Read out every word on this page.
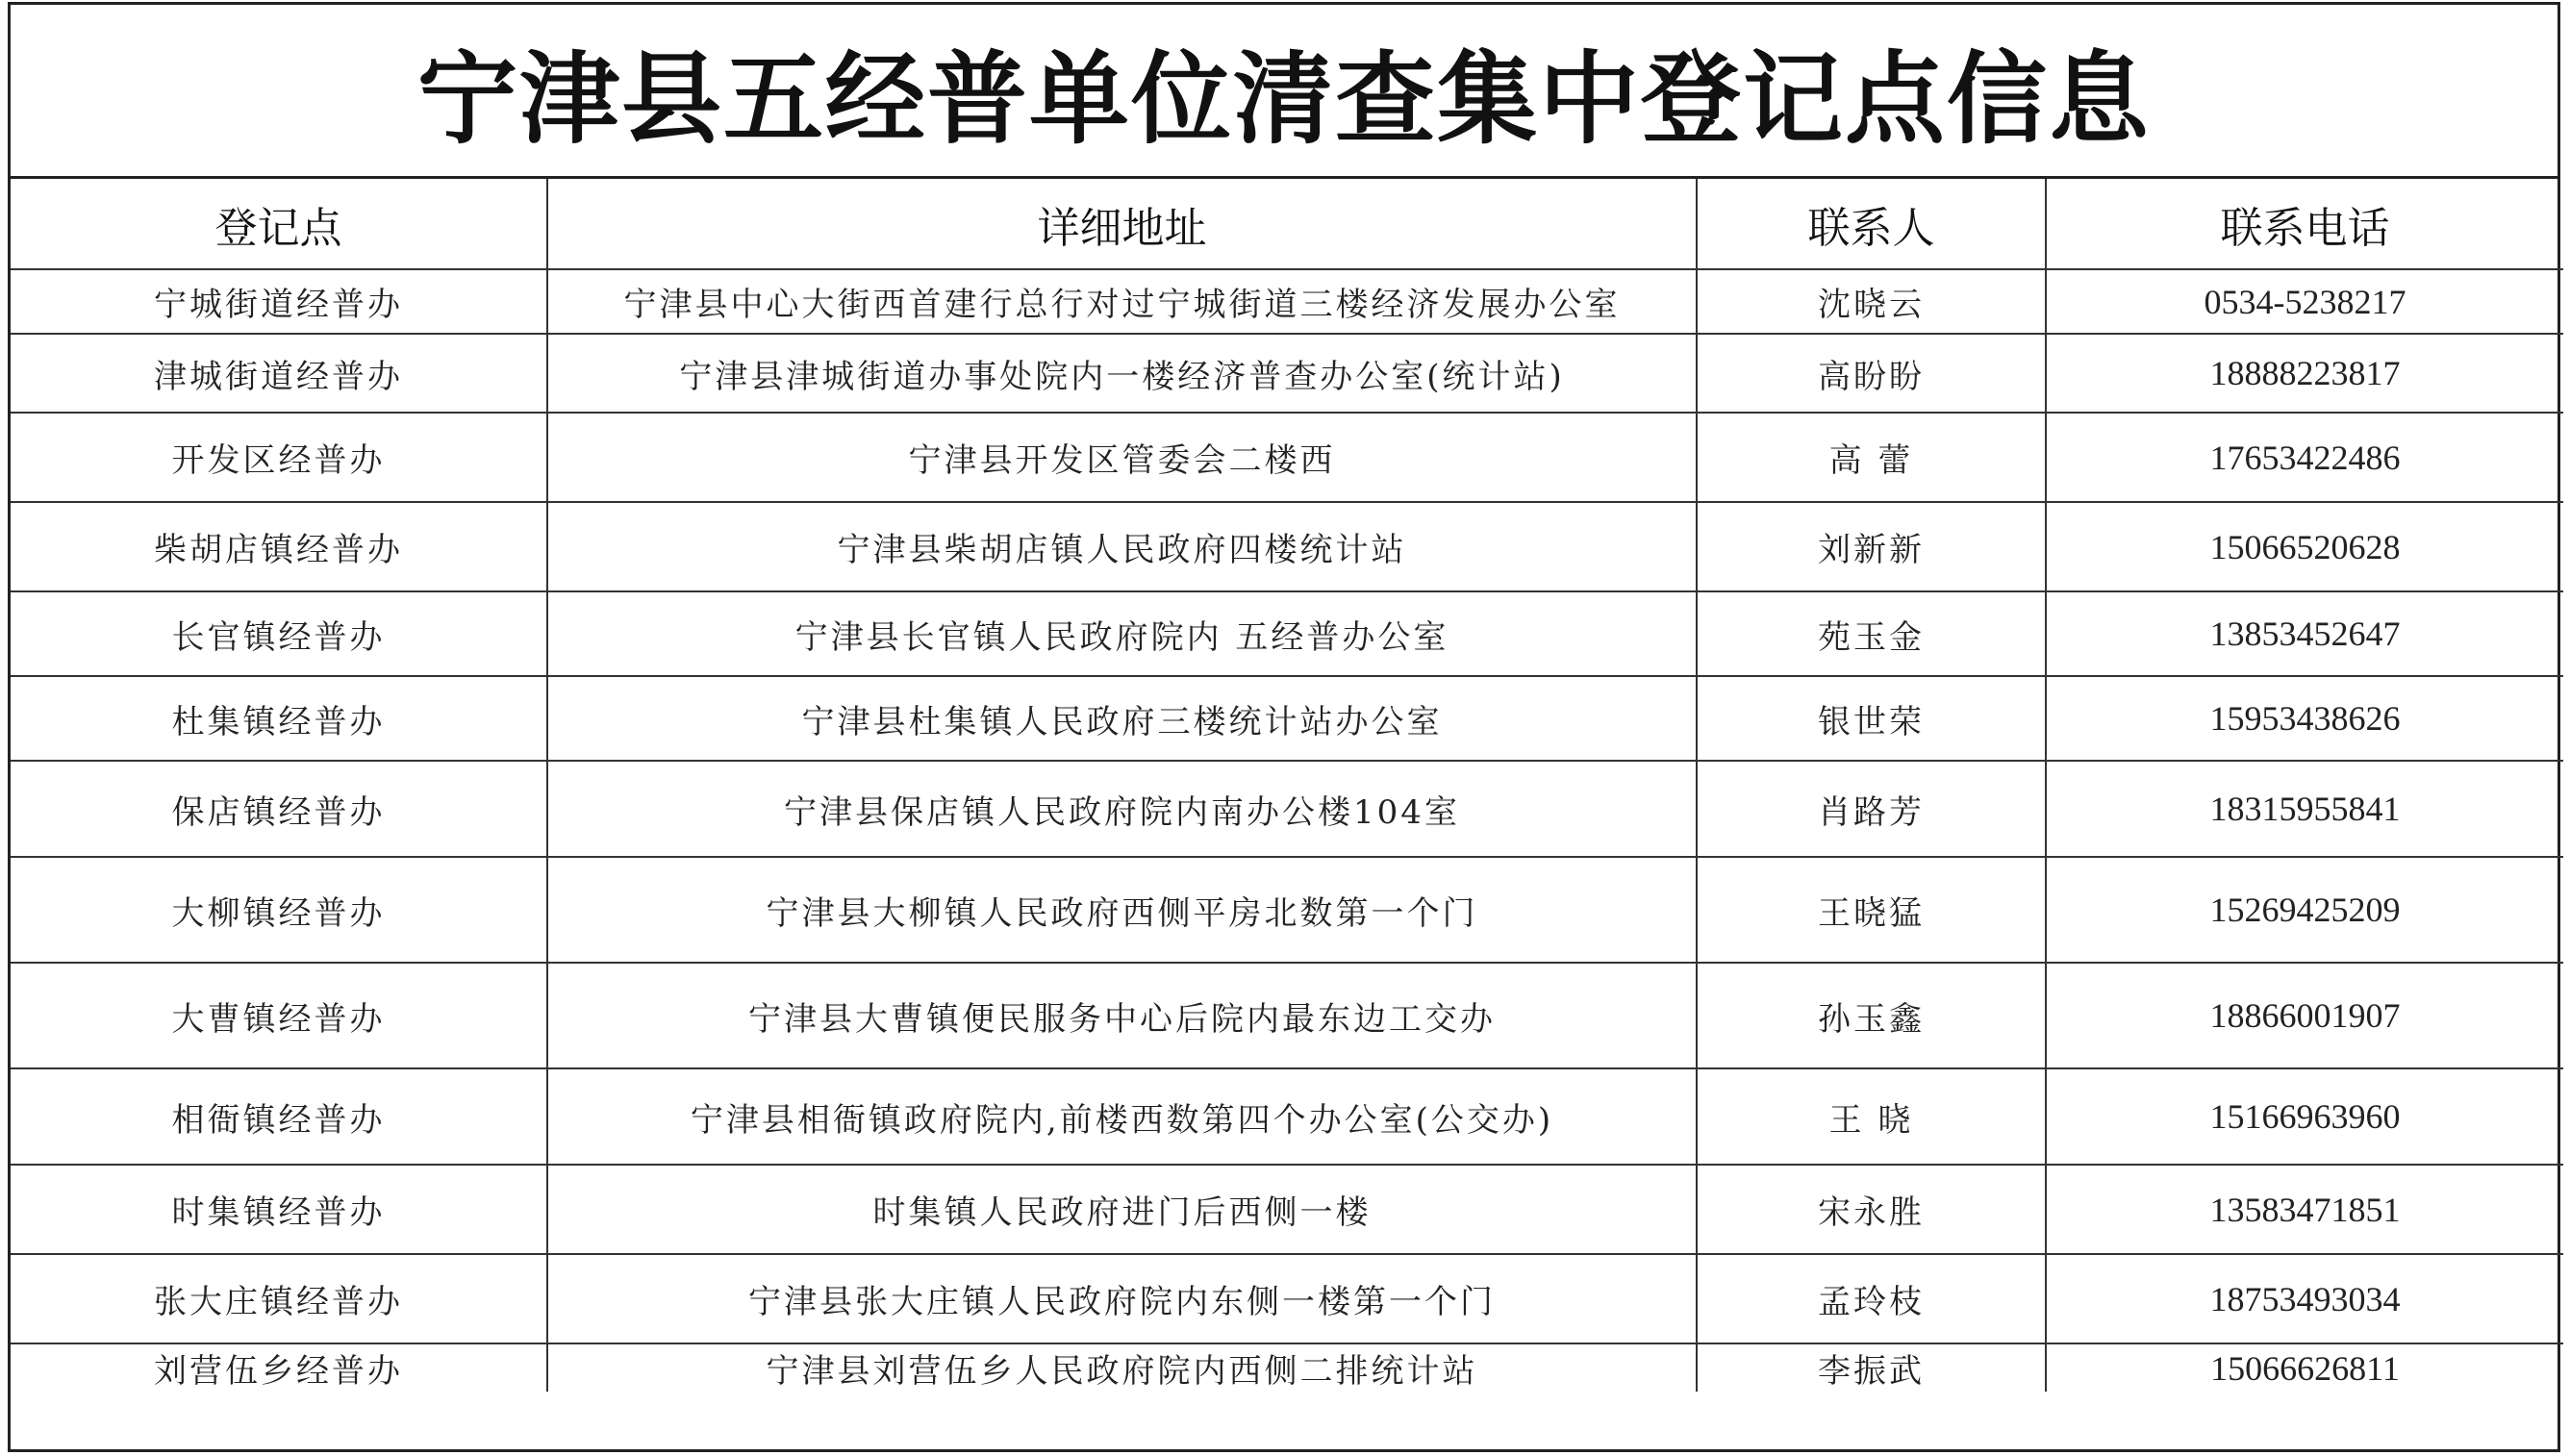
宁津县五经普单位清查集中登记点信息
登记点	详细地址	联系人	联系电话
宁城街道经普办	宁津县中心大街西首建行总行对过宁城街道三楼经济发展办公室	沈晓云	0534-5238217
津城街道经普办	宁津县津城街道办事处院内一楼经济普查办公室(统计站)	高盼盼	18888223817
开发区经普办	宁津县开发区管委会二楼西	高 蕾	17653422486
柴胡店镇经普办	宁津县柴胡店镇人民政府四楼统计站	刘新新	15066520628
长官镇经普办	宁津县长官镇人民政府院内 五经普办公室	苑玉金	13853452647
杜集镇经普办	宁津县杜集镇人民政府三楼统计站办公室	银世荣	15953438626
保店镇经普办	宁津县保店镇人民政府院内南办公楼104室	肖路芳	18315955841
大柳镇经普办	宁津县大柳镇人民政府西侧平房北数第一个门	王晓猛	15269425209
大曹镇经普办	宁津县大曹镇便民服务中心后院内最东边工交办	孙玉鑫	18866001907
相衙镇经普办	宁津县相衙镇政府院内,前楼西数第四个办公室(公交办)	王 晓	15166963960
时集镇经普办	时集镇人民政府进门后西侧一楼	宋永胜	13583471851
张大庄镇经普办	宁津县张大庄镇人民政府院内东侧一楼第一个门	孟玲枝	18753493034
刘营伍乡经普办	宁津县刘营伍乡人民政府院内西侧二排统计站	李振武	15066626811
